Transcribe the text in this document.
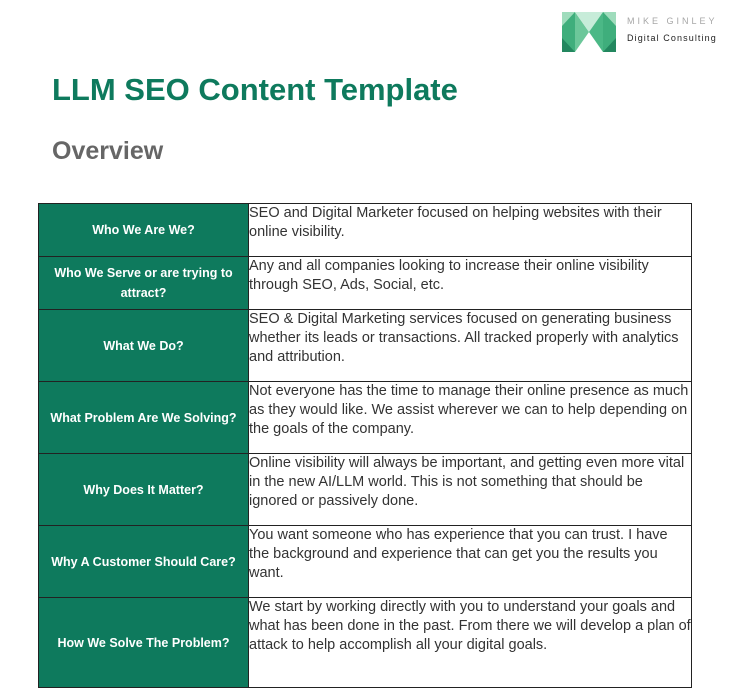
MIKE GINLEY
Digital Consulting
LLM SEO Content Template
Overview
Who We Are We?	SEO and Digital Marketer focused on helping websites with their online visibility.
Who We Serve or are trying to attract?	Any and all companies looking to increase their online visibility through SEO, Ads, Social, etc.
What We Do?	SEO & Digital Marketing services focused on generating business whether its leads or transactions. All tracked properly with analytics and attribution.
What Problem Are We Solving?	Not everyone has the time to manage their online presence as much as they would like. We assist wherever we can to help depending on the goals of the company.
Why Does It Matter?	Online visibility will always be important, and getting even more vital in the new AI/LLM world. This is not something that should be ignored or passively done.
Why A Customer Should Care?	You want someone who has experience that you can trust. I have the background and experience that can get you the results you want.
How We Solve The Problem?	We start by working directly with you to understand your goals and what has been done in the past. From there we will develop a plan of attack to help accomplish all your digital goals.
